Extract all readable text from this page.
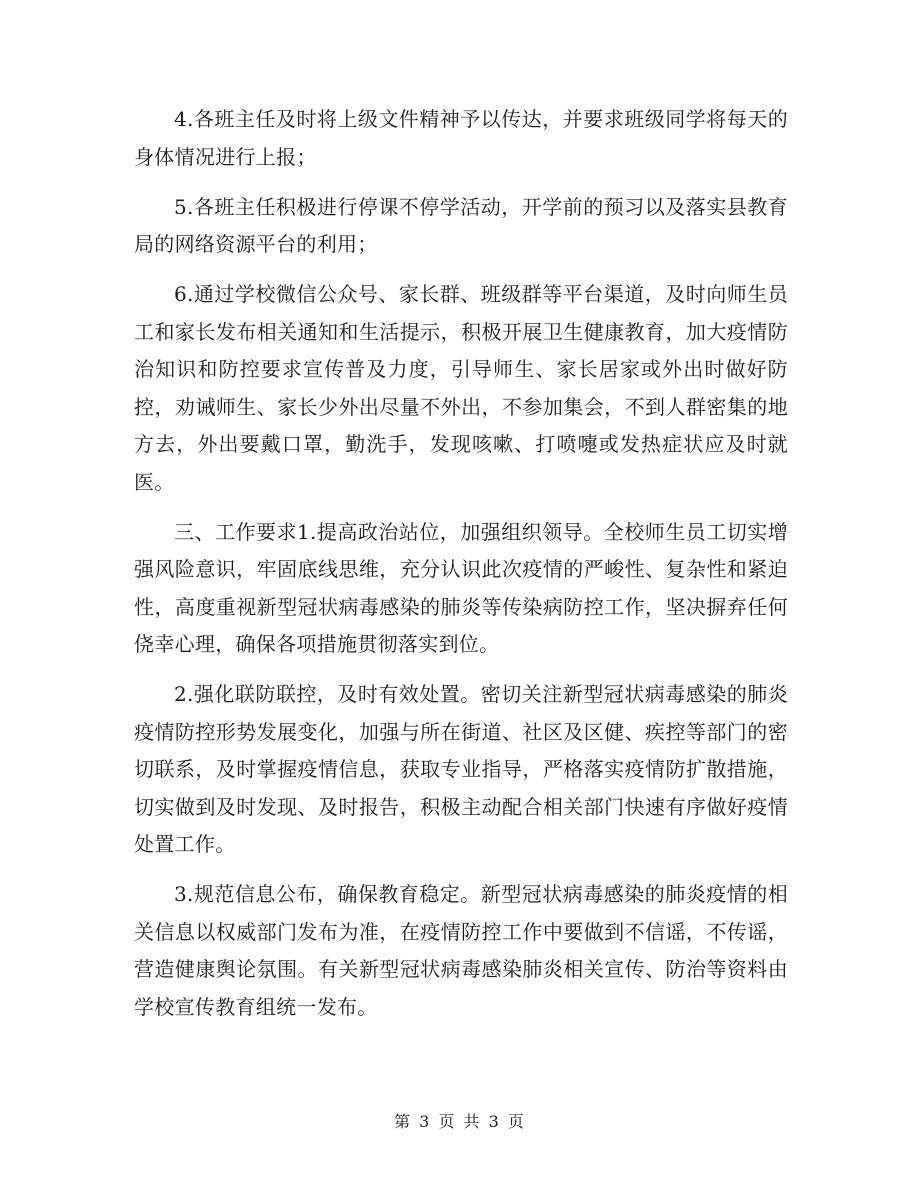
4.各班主任及时将上级文件精神予以传达，并要求班级同学将每天的身体情况进行上报；

5.各班主任积极进行停课不停学活动，开学前的预习以及落实县教育局的网络资源平台的利用；

6.通过学校微信公众号、家长群、班级群等平台渠道，及时向师生员工和家长发布相关通知和生活提示，积极开展卫生健康教育，加大疫情防治知识和防控要求宣传普及力度，引导师生、家长居家或外出时做好防控，劝诫师生、家长少外出尽量不外出，不参加集会，不到人群密集的地方去，外出要戴口罩，勤洗手，发现咳嗽、打喷嚏或发热症状应及时就医。

三、工作要求1.提高政治站位，加强组织领导。全校师生员工切实增强风险意识，牢固底线思维，充分认识此次疫情的严峻性、复杂性和紧迫性，高度重视新型冠状病毒感染的肺炎等传染病防控工作，坚决摒弃任何侥幸心理，确保各项措施贯彻落实到位。

2.强化联防联控，及时有效处置。密切关注新型冠状病毒感染的肺炎疫情防控形势发展变化，加强与所在街道、社区及区健、疾控等部门的密切联系，及时掌握疫情信息，获取专业指导，严格落实疫情防扩散措施，切实做到及时发现、及时报告，积极主动配合相关部门快速有序做好疫情处置工作。

3.规范信息公布，确保教育稳定。新型冠状病毒感染的肺炎疫情的相关信息以权威部门发布为准，在疫情防控工作中要做到不信谣，不传谣，营造健康舆论氛围。有关新型冠状病毒感染肺炎相关宣传、防治等资料由学校宣传教育组统一发布。

第 3 页 共 3 页
